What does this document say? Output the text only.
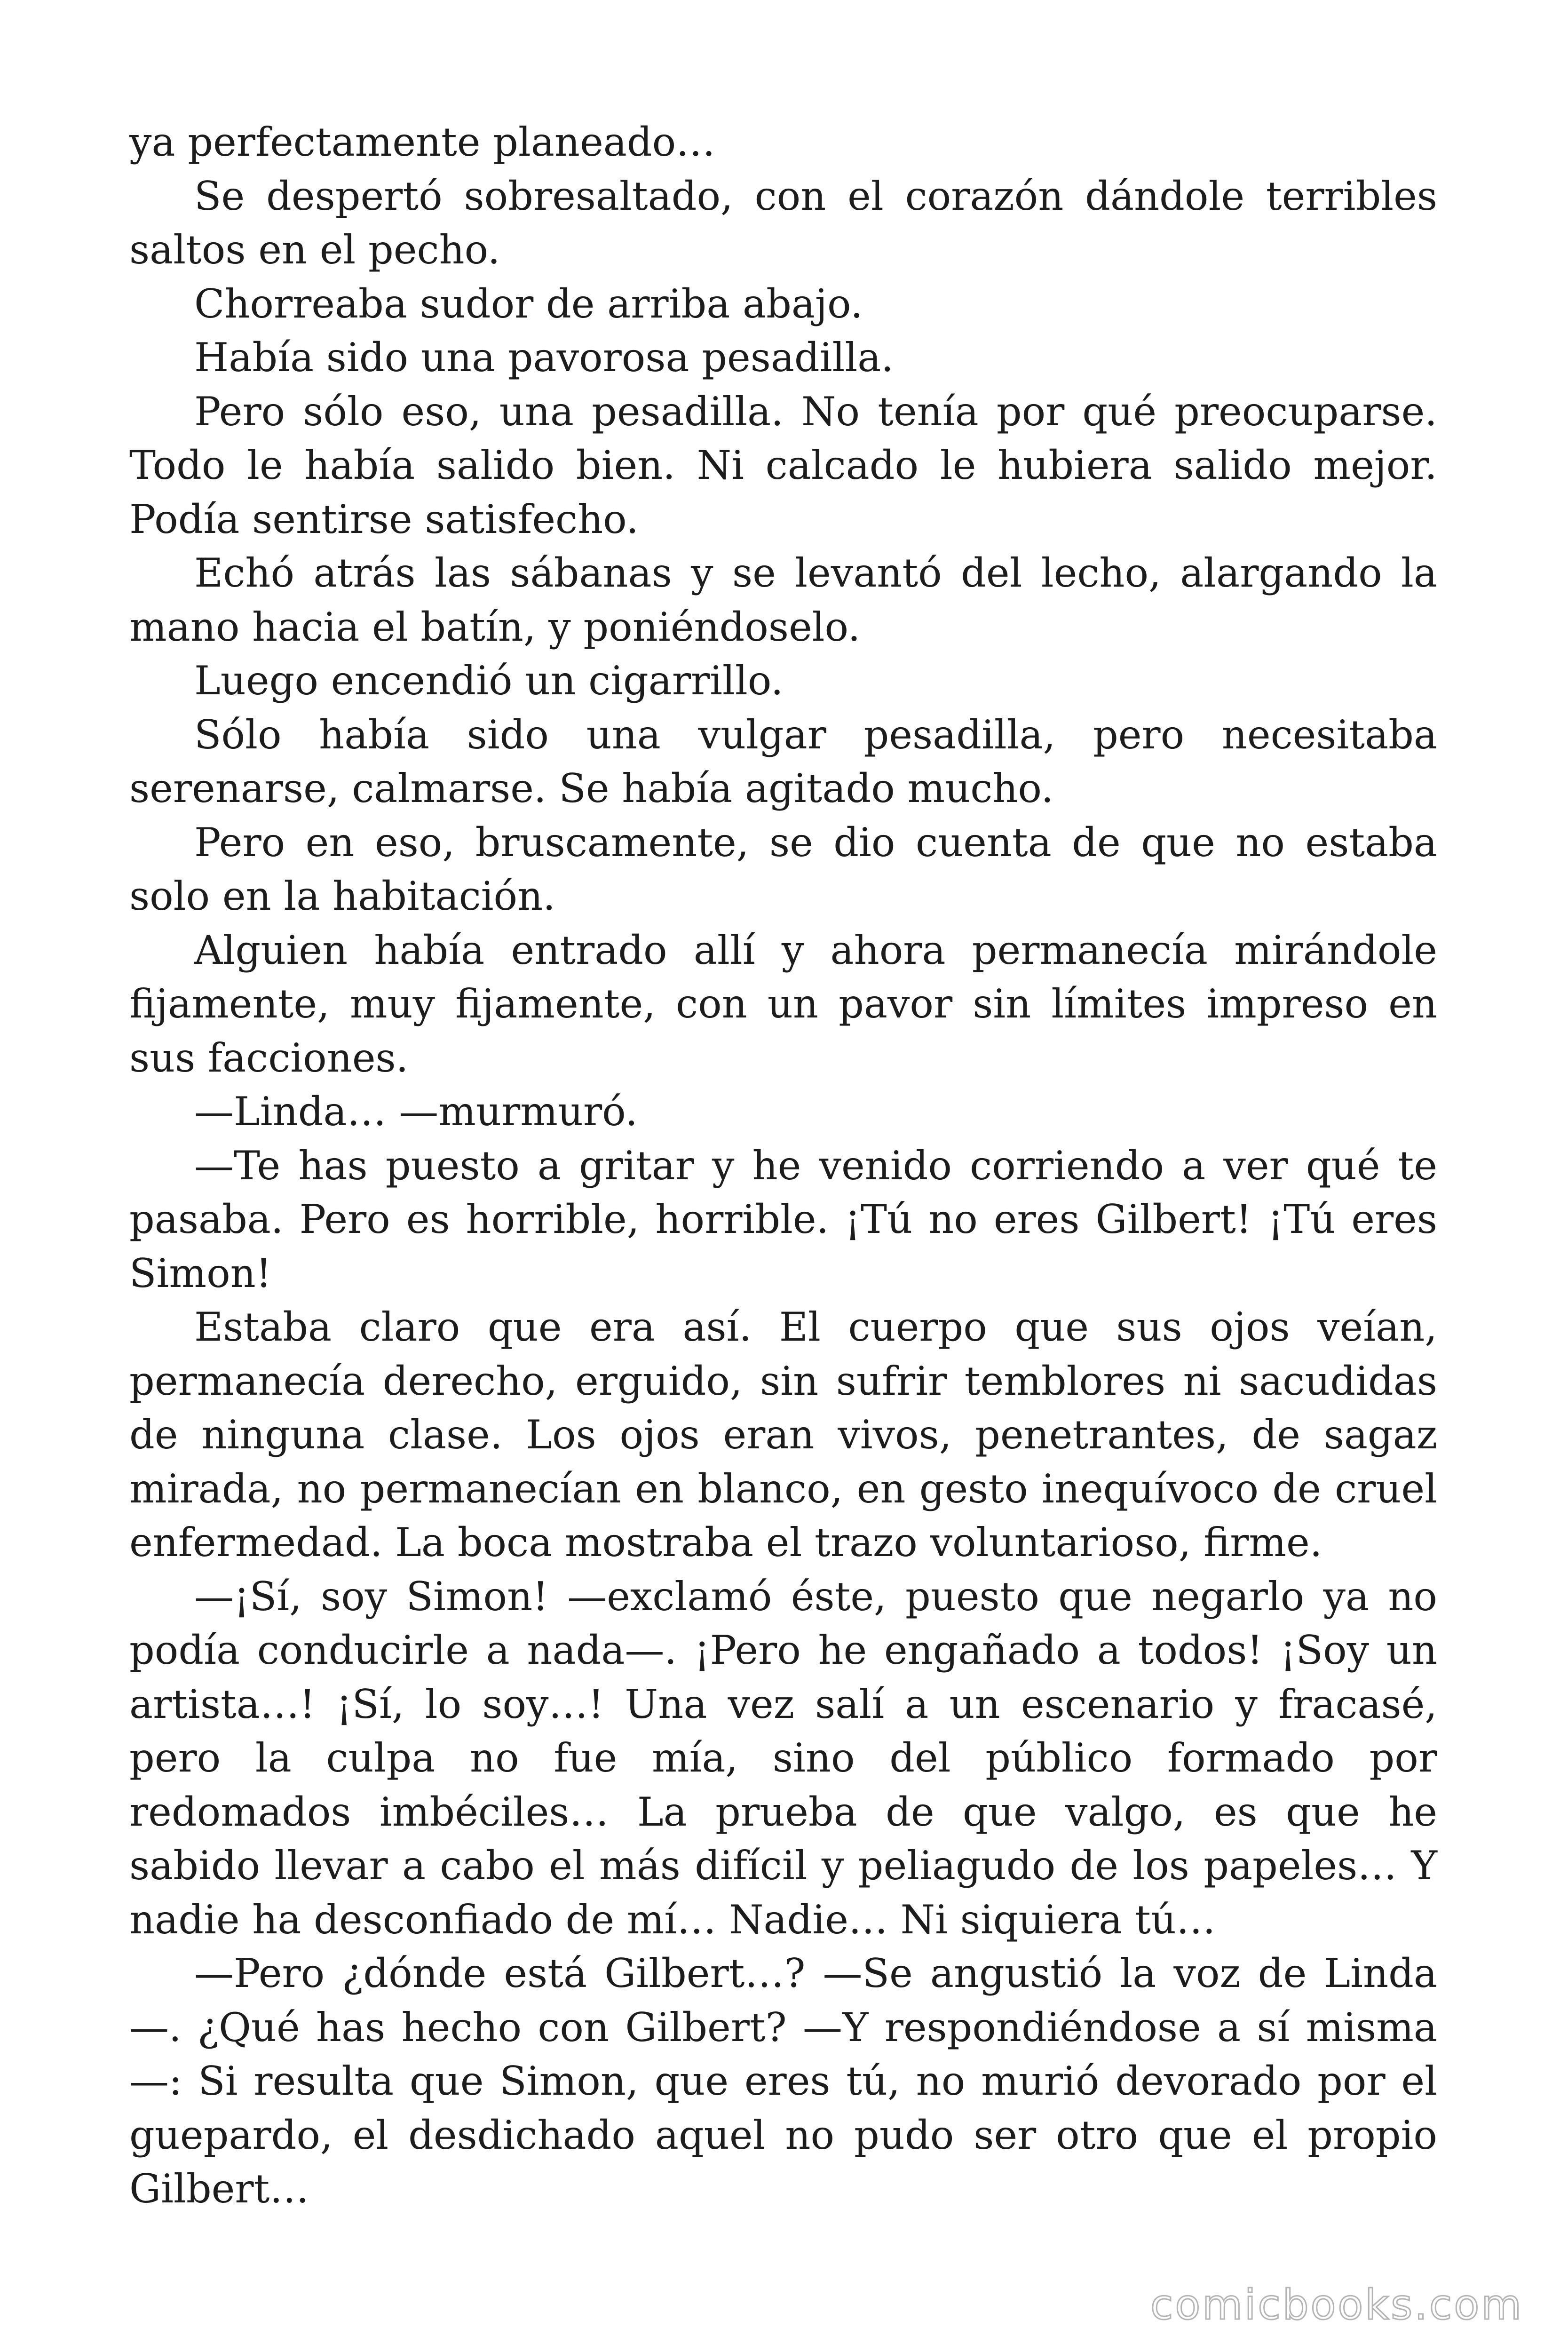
ya perfectamente planeado…

Se despertó sobresaltado, con el corazón dándole terribles saltos en el pecho.

Chorreaba sudor de arriba abajo.

Había sido una pavorosa pesadilla.

Pero sólo eso, una pesadilla. No tenía por qué preocuparse. Todo le había salido bien. Ni calcado le hubiera salido mejor. Podía sentirse satisfecho.

Echó atrás las sábanas y se levantó del lecho, alargando la mano hacia el batín, y poniéndoselo.

Luego encendió un cigarrillo.

Sólo había sido una vulgar pesadilla, pero necesitaba serenarse, calmarse. Se había agitado mucho.

Pero en eso, bruscamente, se dio cuenta de que no estaba solo en la habitación.

Alguien había entrado allí y ahora permanecía mirándole fijamente, muy fijamente, con un pavor sin límites impreso en sus facciones.

—Linda… —murmuró.

—Te has puesto a gritar y he venido corriendo a ver qué te pasaba. Pero es horrible, horrible. ¡Tú no eres Gilbert! ¡Tú eres Simon!

Estaba claro que era así. El cuerpo que sus ojos veían, permanecía derecho, erguido, sin sufrir temblores ni sacudidas de ninguna clase. Los ojos eran vivos, penetrantes, de sagaz mirada, no permanecían en blanco, en gesto inequívoco de cruel enfermedad. La boca mostraba el trazo voluntarioso, firme.

—¡Sí, soy Simon! —exclamó éste, puesto que negarlo ya no podía conducirle a nada—. ¡Pero he engañado a todos! ¡Soy un artista…! ¡Sí, lo soy…! Una vez salí a un escenario y fracasé, pero la culpa no fue mía, sino del público formado por redomados imbéciles… La prueba de que valgo, es que he sabido llevar a cabo el más difícil y peliagudo de los papeles… Y nadie ha desconfiado de mí… Nadie… Ni siquiera tú…

—Pero ¿dónde está Gilbert…? —Se angustió la voz de Linda—. ¿Qué has hecho con Gilbert? —Y respondiéndose a sí misma—: Si resulta que Simon, que eres tú, no murió devorado por el guepardo, el desdichado aquel no pudo ser otro que el propio Gilbert…

comicbooks.com
